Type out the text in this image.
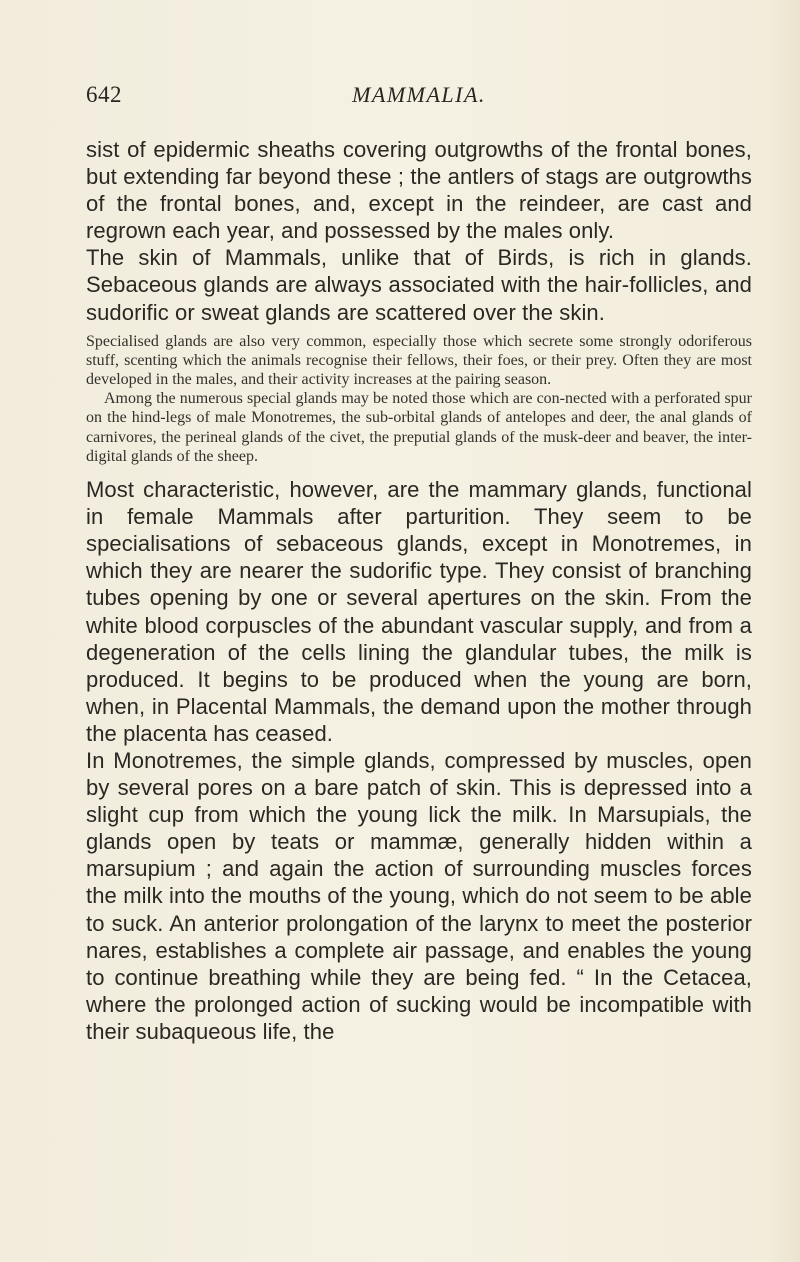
642	MAMMALIA.

sist of epidermic sheaths covering outgrowths of the frontal bones, but extending far beyond these ; the antlers of stags are outgrowths of the frontal bones, and, except in the reindeer, are cast and regrown each year, and possessed by the males only.

The skin of Mammals, unlike that of Birds, is rich in glands. Sebaceous glands are always associated with the hair-follicles, and sudorific or sweat glands are scattered over the skin.

Specialised glands are also very common, especially those which secrete some strongly odoriferous stuff, scenting which the animals recognise their fellows, their foes, or their prey. Often they are most developed in the males, and their activity increases at the pairing season.

Among the numerous special glands may be noted those which are con-nected with a perforated spur on the hind-legs of male Monotremes, the sub-orbital glands of antelopes and deer, the anal glands of carnivores, the perineal glands of the civet, the preputial glands of the musk-deer and beaver, the inter-digital glands of the sheep.

Most characteristic, however, are the mammary glands, functional in female Mammals after parturition. They seem to be specialisations of sebaceous glands, except in Monotremes, in which they are nearer the sudorific type. They consist of branching tubes opening by one or several apertures on the skin. From the white blood corpuscles of the abundant vascular supply, and from a degeneration of the cells lining the glandular tubes, the milk is produced. It begins to be produced when the young are born, when, in Placental Mammals, the demand upon the mother through the placenta has ceased.

In Monotremes, the simple glands, compressed by muscles, open by several pores on a bare patch of skin. This is depressed into a slight cup from which the young lick the milk. In Marsupials, the glands open by teats or mammæ, generally hidden within a marsupium ; and again the action of surrounding muscles forces the milk into the mouths of the young, which do not seem to be able to suck. An anterior prolongation of the larynx to meet the posterior nares, establishes a complete air passage, and enables the young to continue breathing while they are being fed. “ In the Cetacea, where the prolonged action of sucking would be incompatible with their subaqueous life, the
